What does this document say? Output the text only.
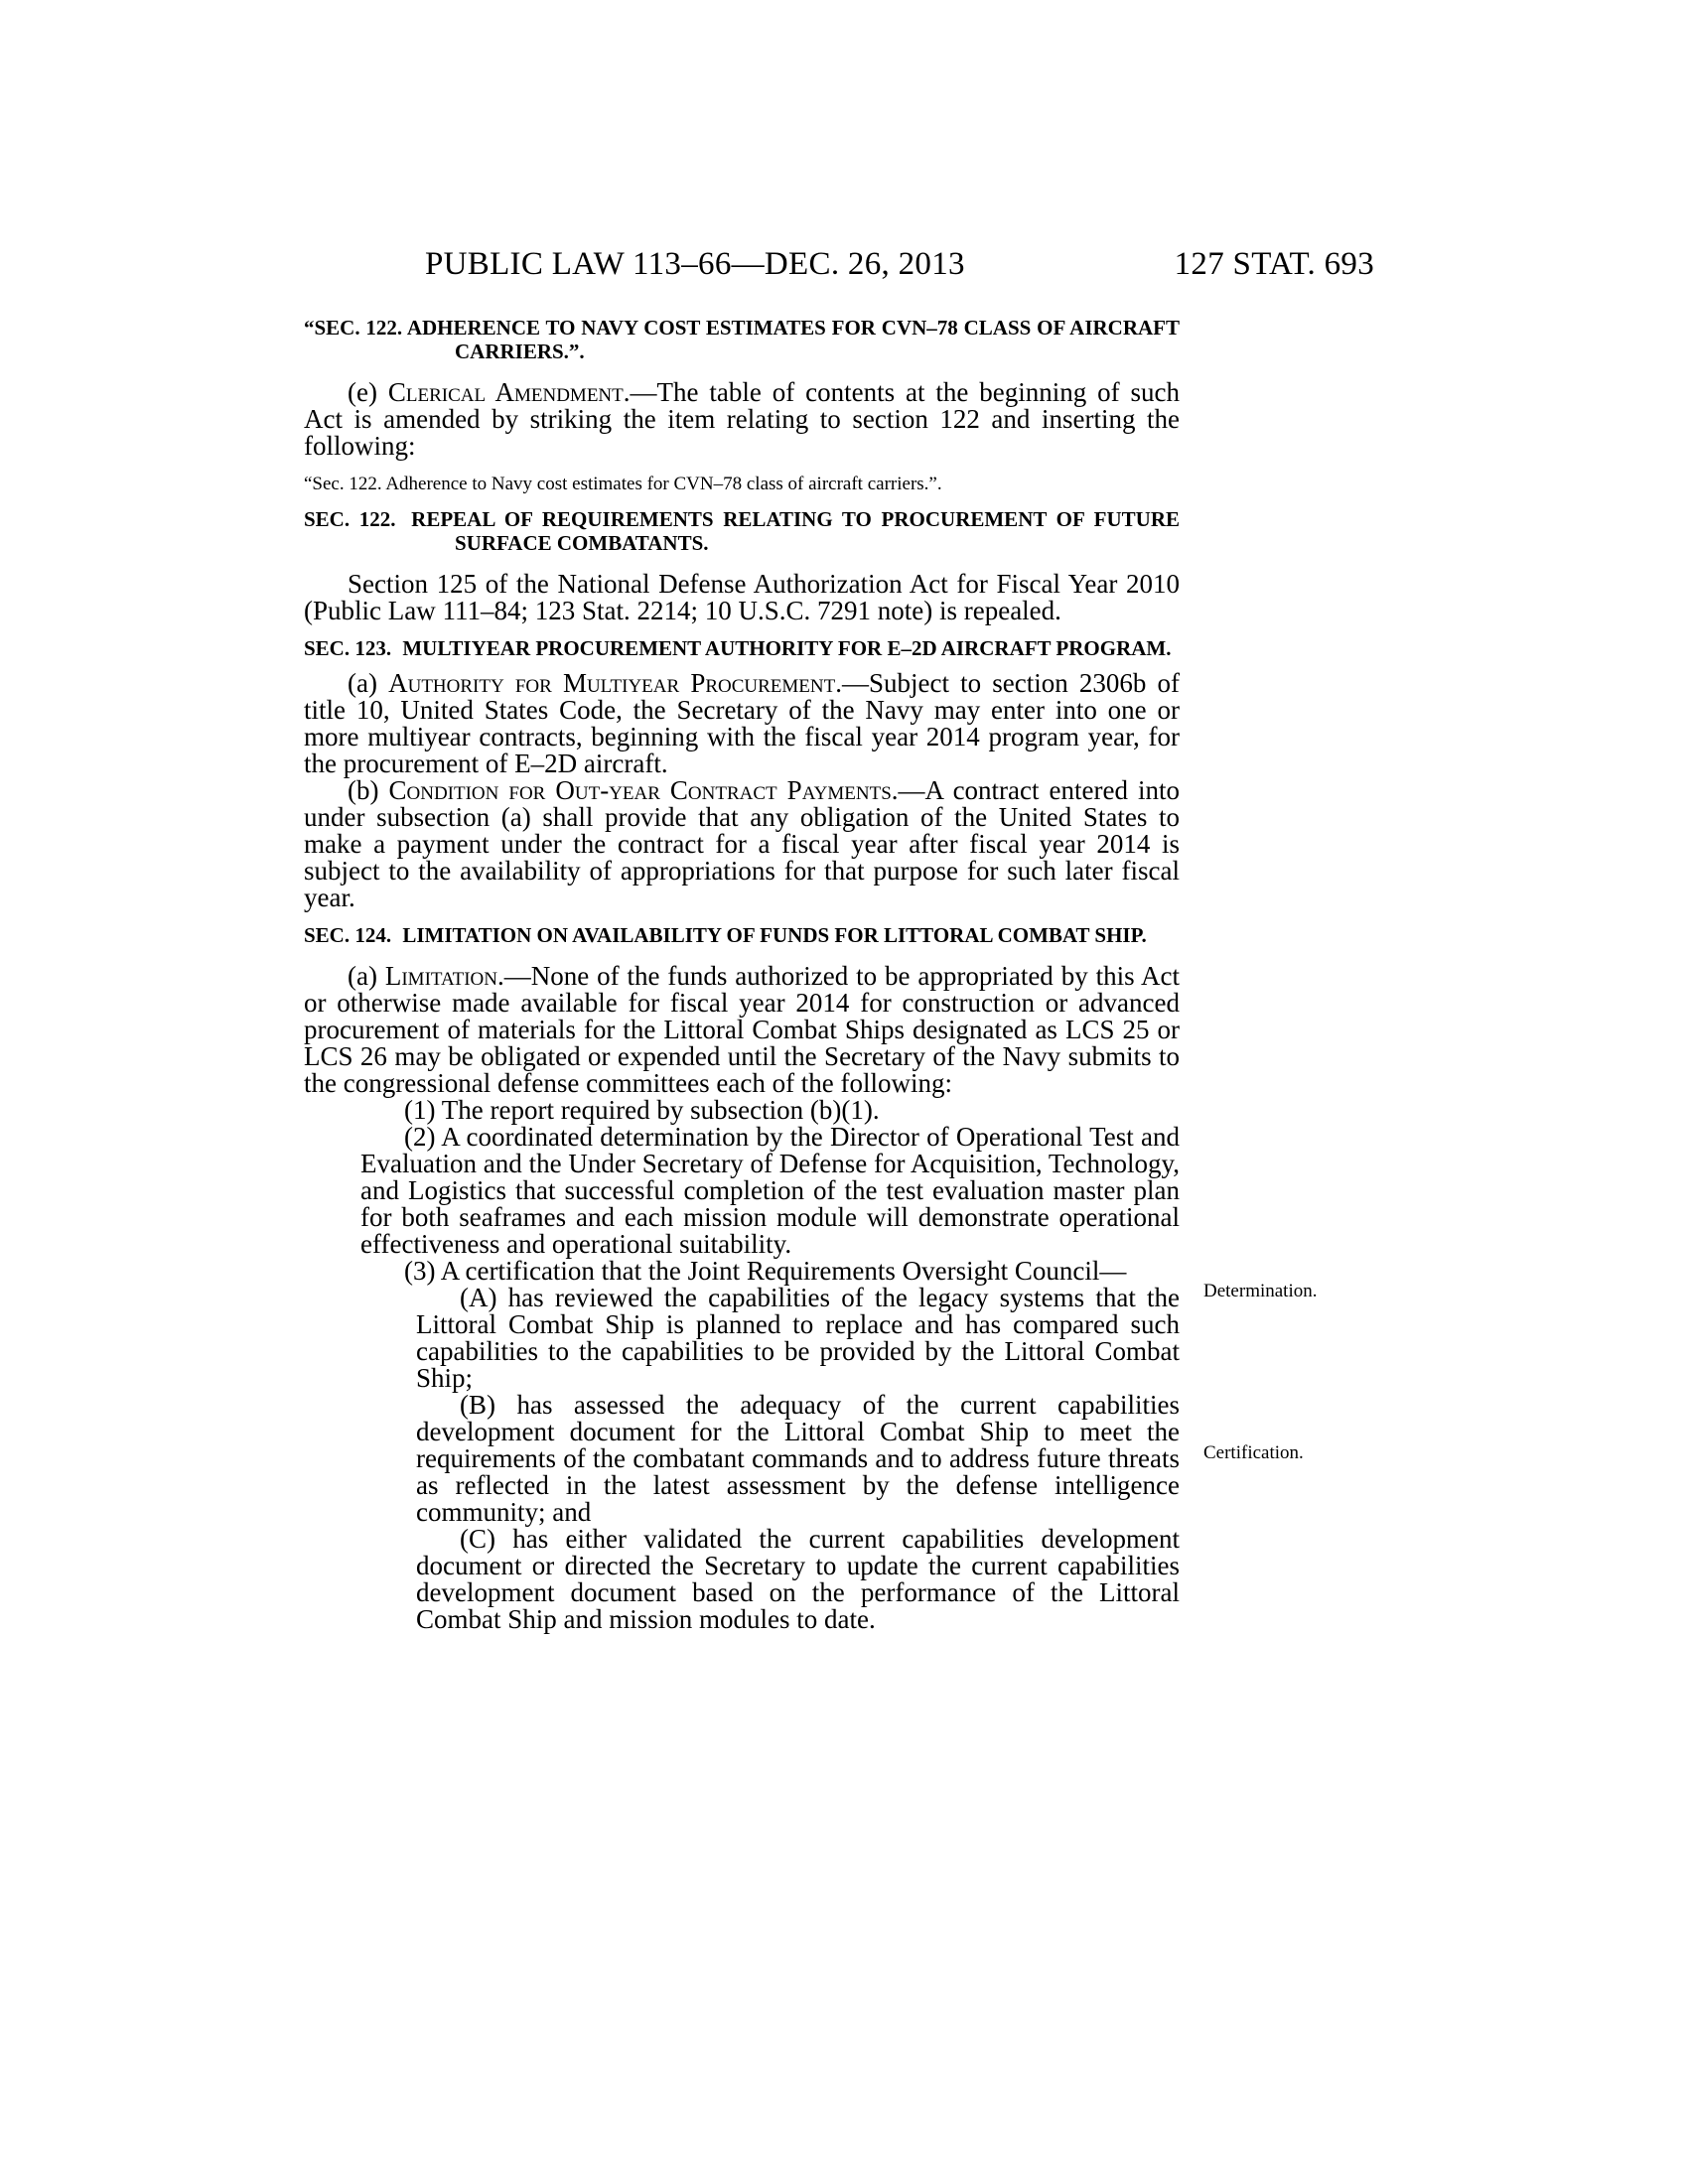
PUBLIC LAW 113–66—DEC. 26, 2013	127 STAT. 693
“SEC. 122. ADHERENCE TO NAVY COST ESTIMATES FOR CVN–78 CLASS OF AIRCRAFT CARRIERS.”.

(e) Clerical Amendment.—The table of contents at the beginning of such Act is amended by striking the item relating to section 122 and inserting the following:

“Sec. 122. Adherence to Navy cost estimates for CVN–78 class of aircraft carriers.”.
SEC. 122. REPEAL OF REQUIREMENTS RELATING TO PROCUREMENT OF FUTURE SURFACE COMBATANTS.

Section 125 of the National Defense Authorization Act for Fiscal Year 2010 (Public Law 111–84; 123 Stat. 2214; 10 U.S.C. 7291 note) is repealed.

SEC. 123. MULTIYEAR PROCUREMENT AUTHORITY FOR E–2D AIRCRAFT PROGRAM.

(a) Authority for Multiyear Procurement.—Subject to section 2306b of title 10, United States Code, the Secretary of the Navy may enter into one or more multiyear contracts, beginning with the fiscal year 2014 program year, for the procurement of E–2D aircraft.

(b) Condition for Out-year Contract Payments.—A contract entered into under subsection (a) shall provide that any obligation of the United States to make a payment under the contract for a fiscal year after fiscal year 2014 is subject to the availability of appropriations for that purpose for such later fiscal year.

SEC. 124. LIMITATION ON AVAILABILITY OF FUNDS FOR LITTORAL COMBAT SHIP.

(a) Limitation.—None of the funds authorized to be appropriated by this Act or otherwise made available for fiscal year 2014 for construction or advanced procurement of materials for the Littoral Combat Ships designated as LCS 25 or LCS 26 may be obligated or expended until the Secretary of the Navy submits to the congressional defense committees each of the following:

(1) The report required by subsection (b)(1).
(2) A coordinated determination by the Director of Operational Test and Evaluation and the Under Secretary of Defense for Acquisition, Technology, and Logistics that successful completion of the test evaluation master plan for both seaframes and each mission module will demonstrate operational effectiveness and operational suitability.
(3) A certification that the Joint Requirements Oversight Council—
(A) has reviewed the capabilities of the legacy systems that the Littoral Combat Ship is planned to replace and has compared such capabilities to the capabilities to be provided by the Littoral Combat Ship;
(B) has assessed the adequacy of the current capabilities development document for the Littoral Combat Ship to meet the requirements of the combatant commands and to address future threats as reflected in the latest assessment by the defense intelligence community; and
(C) has either validated the current capabilities development document or directed the Secretary to update the current capabilities development document based on the performance of the Littoral Combat Ship and mission modules to date.
Determination.
Certification.
